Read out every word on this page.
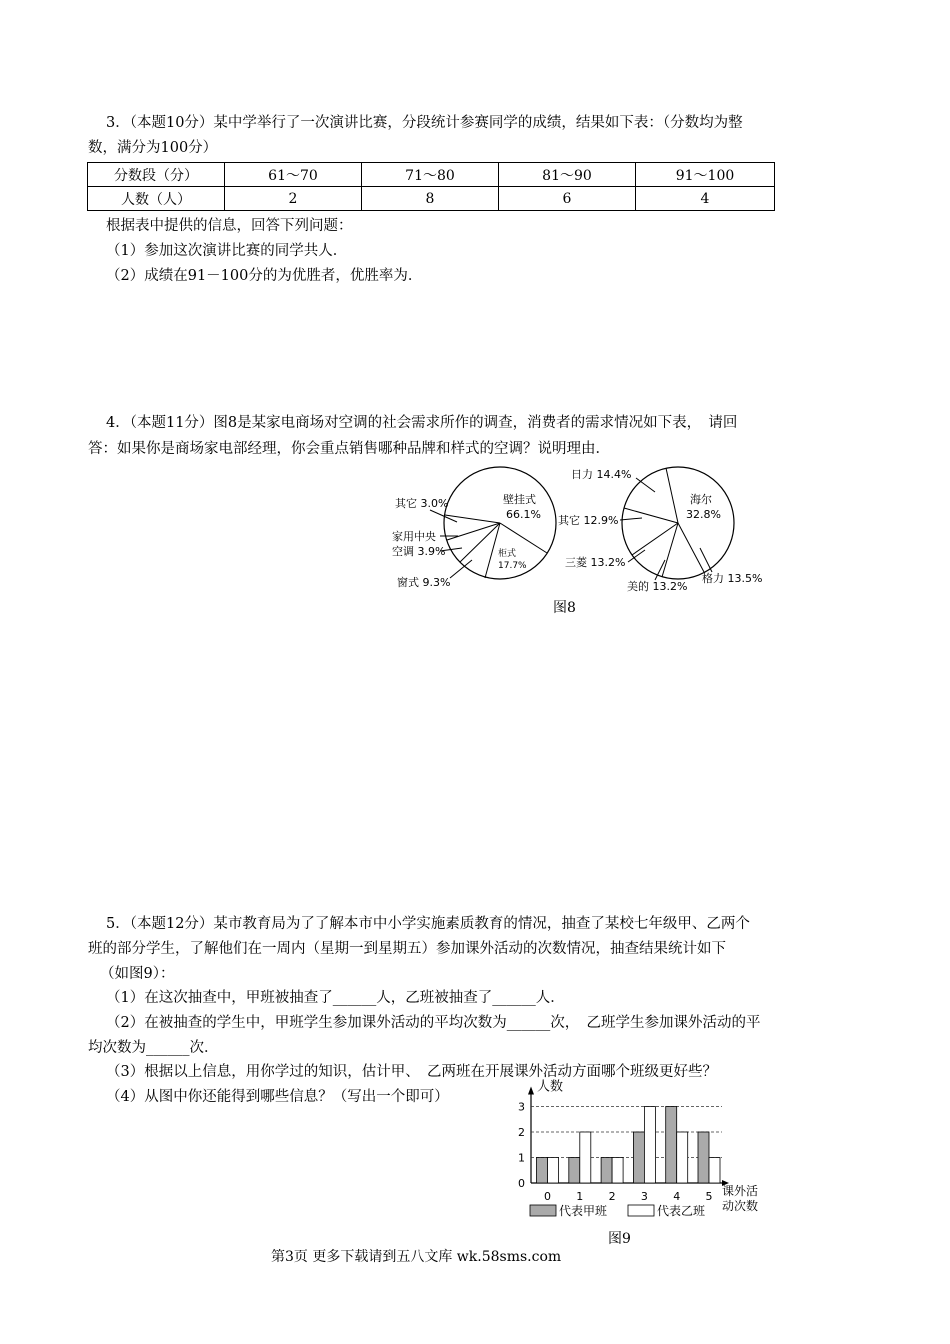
3．（本题10分）某中学举行了一次演讲比赛，分段统计参赛同学的成绩，结果如下表：（分数均为整
数，满分为100分）
分数段（分）	61～70	71～80	81～90	91～100
人数（人）	2	8	6	4
根据表中提供的信息，回答下列问题：
（1）参加这次演讲比赛的同学共人．
（2）成绩在91－100分的为优胜者，优胜率为．
4．（本题11分）图8是某家电商场对空调的社会需求所作的调查，消费者的需求情况如下表，　请回
答：如果你是商场家电部经理，你会重点销售哪种品牌和样式的空调？说明理由．
壁挂式
66.1%
柜式
17.7%
其它 3.0%
家用中央
空调 3.9%
窗式 9.3%
海尔
32.8%
日力 14.4%
其它 12.9%
三菱 13.2%
美的 13.2%
格力 13.5%
图8
5．（本题12分）某市教育局为了了解本市中小学实施素质教育的情况，抽查了某校七年级甲、乙两个
班的部分学生，了解他们在一周内（星期一到星期五）参加课外活动的次数情况，抽查结果统计如下
（如图9）：
（1）在这次抽查中，甲班被抽查了______人，乙班被抽查了______人．
（2）在被抽查的学生中，甲班学生参加课外活动的平均次数为______次，　乙班学生参加课外活动的平
均次数为______次．
（3）根据以上信息，用你学过的知识，估计甲、　乙两班在开展课外活动方面哪个班级更好些？
（4）从图中你还能得到哪些信息？（写出一个即可）
0
1
2
3
0 1 2 3 4 5
人数
课外活
动次数
代表甲班	代表乙班
图9
第3页 更多下载请到五八文库 wk.58sms.com
